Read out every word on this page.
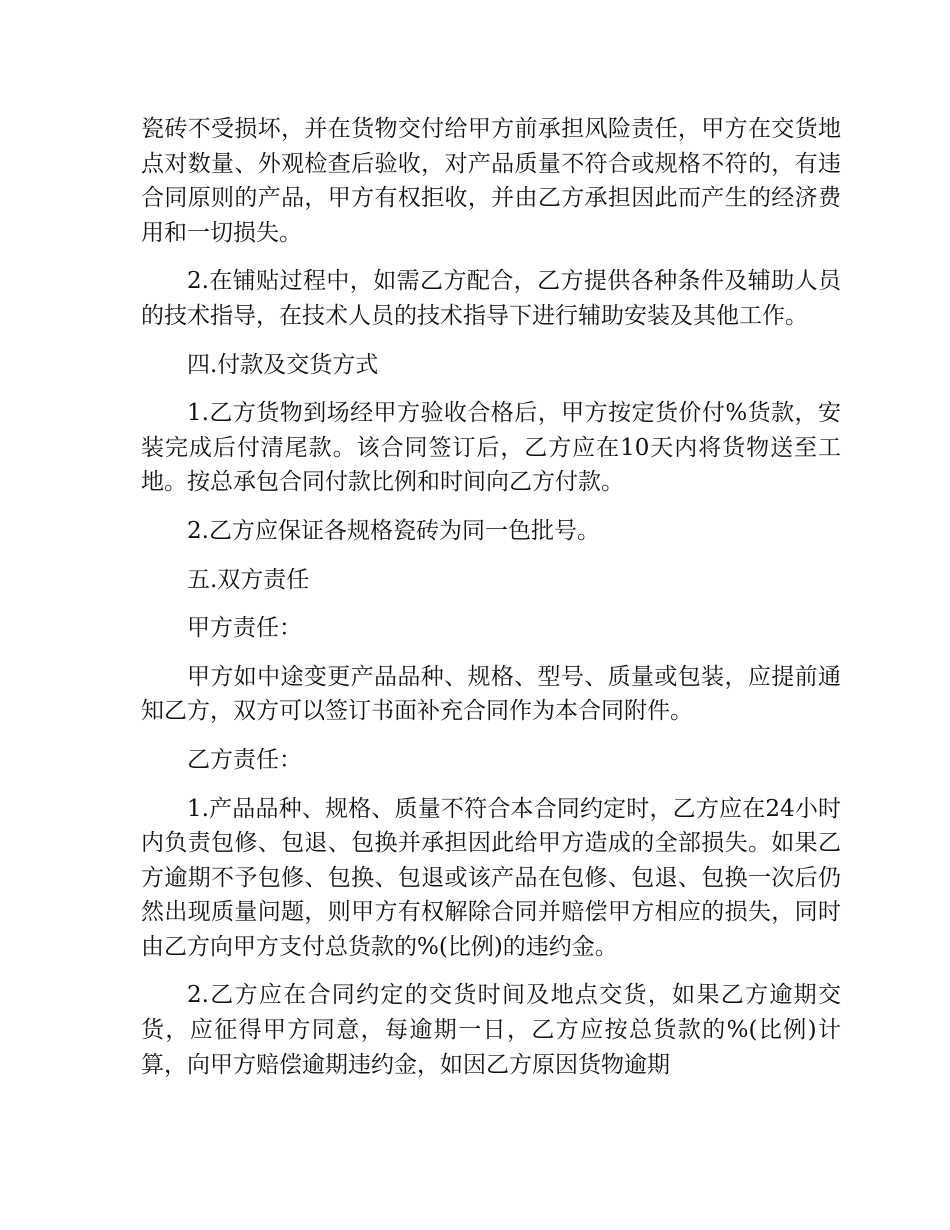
瓷砖不受损坏，并在货物交付给甲方前承担风险责任，甲方在交货地点对数量、外观检查后验收，对产品质量不符合或规格不符的，有违合同原则的产品，甲方有权拒收，并由乙方承担因此而产生的经济费用和一切损失。

2.在铺贴过程中，如需乙方配合，乙方提供各种条件及辅助人员的技术指导，在技术人员的技术指导下进行辅助安装及其他工作。

四.付款及交货方式

1.乙方货物到场经甲方验收合格后，甲方按定货价付%货款，安装完成后付清尾款。该合同签订后，乙方应在10天内将货物送至工地。按总承包合同付款比例和时间向乙方付款。

2.乙方应保证各规格瓷砖为同一色批号。

五.双方责任

甲方责任：

甲方如中途变更产品品种、规格、型号、质量或包装，应提前通知乙方，双方可以签订书面补充合同作为本合同附件。

乙方责任：

1.产品品种、规格、质量不符合本合同约定时，乙方应在24小时内负责包修、包退、包换并承担因此给甲方造成的全部损失。如果乙方逾期不予包修、包换、包退或该产品在包修、包退、包换一次后仍然出现质量问题，则甲方有权解除合同并赔偿甲方相应的损失，同时由乙方向甲方支付总货款的%(比例)的违约金。

2.乙方应在合同约定的交货时间及地点交货，如果乙方逾期交货，应征得甲方同意，每逾期一日，乙方应按总货款的%(比例)计算，向甲方赔偿逾期违约金，如因乙方原因货物逾期
